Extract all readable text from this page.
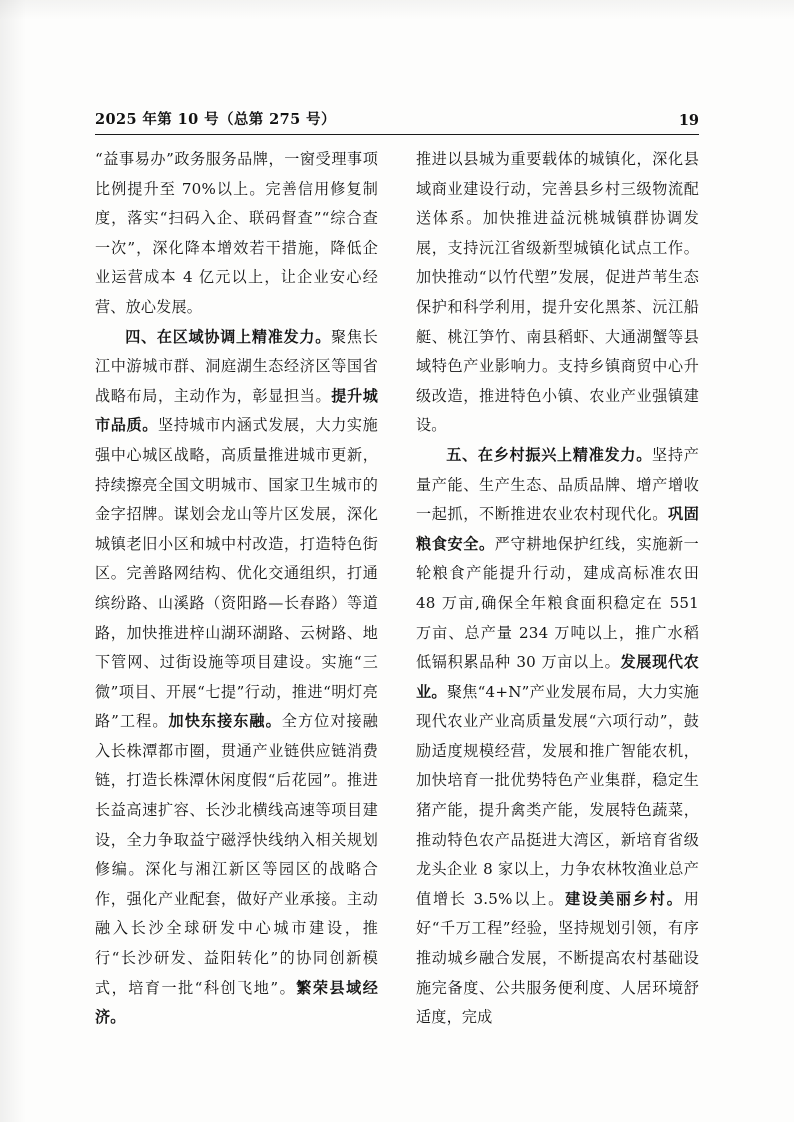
2025 年第 10 号（总第 275 号）	19

“益事易办”政务服务品牌，一窗受理事项比例提升至 70%以上。完善信用修复制度，落实“扫码入企、联码督查”“综合查一次”，深化降本增效若干措施，降低企业运营成本 4 亿元以上，让企业安心经营、放心发展。

四、在区域协调上精准发力。聚焦长江中游城市群、洞庭湖生态经济区等国省战略布局，主动作为，彰显担当。提升城市品质。坚持城市内涵式发展，大力实施强中心城区战略，高质量推进城市更新，持续擦亮全国文明城市、国家卫生城市的金字招牌。谋划会龙山等片区发展，深化城镇老旧小区和城中村改造，打造特色街区。完善路网结构、优化交通组织，打通缤纷路、山溪路（资阳路—长春路）等道路，加快推进梓山湖环湖路、云树路、地下管网、过街设施等项目建设。实施“三微”项目、开展“七提”行动，推进“明灯亮路”工程。加快东接东融。全方位对接融入长株潭都市圈，贯通产业链供应链消费链，打造长株潭休闲度假“后花园”。推进长益高速扩容、长沙北横线高速等项目建设，全力争取益宁磁浮快线纳入相关规划修编。深化与湘江新区等园区的战略合作，强化产业配套，做好产业承接。主动融入长沙全球研发中心城市建设，推行“长沙研发、益阳转化”的协同创新模式，培育一批“科创飞地”。繁荣县域经济。

推进以县城为重要载体的城镇化，深化县域商业建设行动，完善县乡村三级物流配送体系。加快推进益沅桃城镇群协调发展，支持沅江省级新型城镇化试点工作。加快推动“以竹代塑”发展，促进芦苇生态保护和科学利用，提升安化黑茶、沅江船艇、桃江笋竹、南县稻虾、大通湖蟹等县域特色产业影响力。支持乡镇商贸中心升级改造，推进特色小镇、农业产业强镇建设。

五、在乡村振兴上精准发力。坚持产量产能、生产生态、品质品牌、增产增收一起抓，不断推进农业农村现代化。巩固粮食安全。严守耕地保护红线，实施新一轮粮食产能提升行动，建成高标准农田 48 万亩,确保全年粮食面积稳定在 551 万亩、总产量 234 万吨以上，推广水稻低镉积累品种 30 万亩以上。发展现代农业。聚焦“4+N”产业发展布局，大力实施现代农业产业高质量发展“六项行动”，鼓励适度规模经营，发展和推广智能农机，加快培育一批优势特色产业集群，稳定生猪产能，提升禽类产能，发展特色蔬菜，推动特色农产品挺进大湾区，新培育省级龙头企业 8 家以上，力争农林牧渔业总产值增长 3.5%以上。建设美丽乡村。用好“千万工程”经验，坚持规划引领，有序推动城乡融合发展，不断提高农村基础设施完备度、公共服务便利度、人居环境舒适度，完成
